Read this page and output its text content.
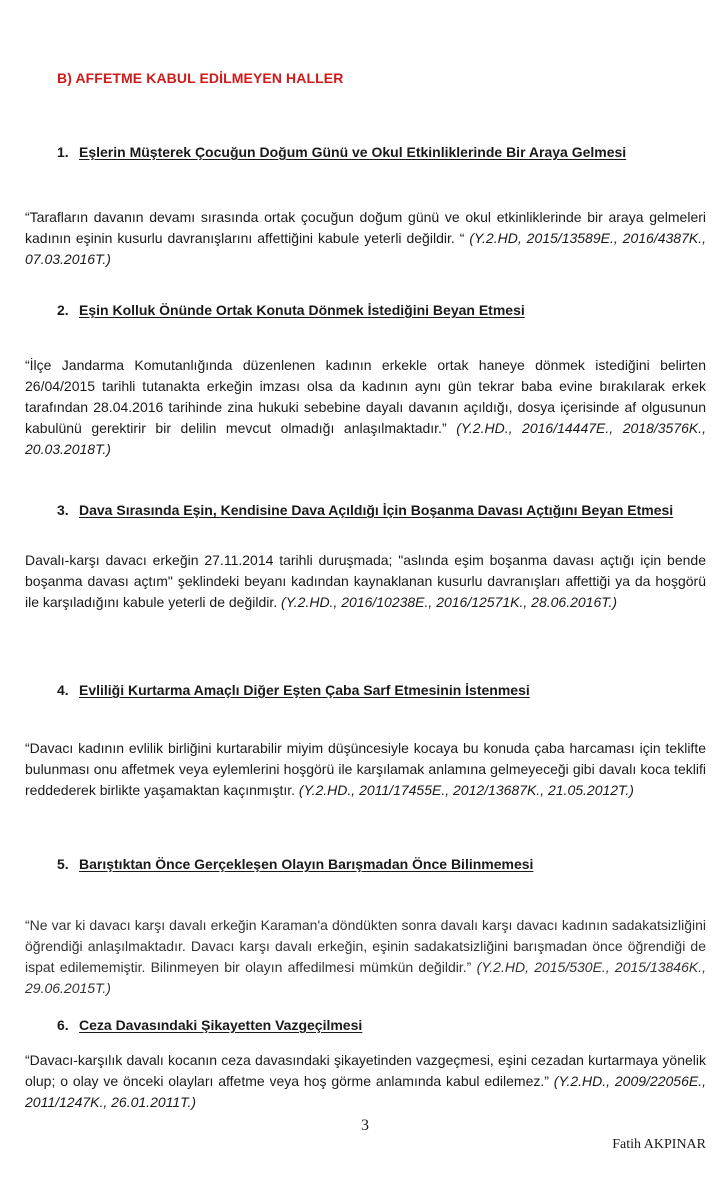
B) AFFETME KABUL EDİLMEYEN HALLER
1. Eşlerin Müşterek Çocuğun Doğum Günü ve Okul Etkinliklerinde Bir Araya Gelmesi
“Tarafların davanın devamı sırasında ortak çocuğun doğum günü ve okul etkinliklerinde bir araya gelmeleri kadının eşinin kusurlu davranışlarını affettiğini kabule yeterli değildir. “ (Y.2.HD, 2015/13589E., 2016/4387K., 07.03.2016T.)
2. Eşin Kolluk Önünde Ortak Konuta Dönmek İstediğini Beyan Etmesi
“İlçe Jandarma Komutanlığında düzenlenen kadının erkekle ortak haneye dönmek istediğini belirten 26/04/2015 tarihli tutanakta erkeğin imzası olsa da kadının aynı gün tekrar baba evine bırakılarak erkek tarafından 28.04.2016 tarihinde zina hukuki sebebine dayalı davanın açıldığı, dosya içerisinde af olgusunun kabulünü gerektirir bir delilin mevcut olmadığı anlaşılmaktadır.” (Y.2.HD., 2016/14447E., 2018/3576K., 20.03.2018T.)
3. Dava Sırasında Eşin, Kendisine Dava Açıldığı İçin Boşanma Davası Açtığını Beyan Etmesi
Davalı-karşı davacı erkeğin 27.11.2014 tarihli duruşmada; "aslında eşim boşanma davası açtığı için bende boşanma davası açtım" şeklindeki beyanı kadından kaynaklanan kusurlu davranışları affettiği ya da hoşgörü ile karşıladığını kabule yeterli de değildir. (Y.2.HD., 2016/10238E., 2016/12571K., 28.06.2016T.)
4. Evliliği Kurtarma Amaçlı Diğer Eşten Çaba Sarf Etmesinin İstenmesi
“Davacı kadının evlilik birliğini kurtarabilir miyim düşüncesiyle kocaya bu konuda çaba harcaması için teklifte bulunması onu affetmek veya eylemlerini hoşgörü ile karşılamak anlamına gelmeyeceği gibi davalı koca teklifi reddederek birlikte yaşamaktan kaçınmıştır. (Y.2.HD., 2011/17455E., 2012/13687K., 21.05.2012T.)
5. Barıştıktan Önce Gerçekleşen Olayın Barışmadan Önce Bilinmemesi
“Ne var ki davacı karşı davalı erkeğin Karaman'a döndükten sonra davalı karşı davacı kadının sadakatsizliğini öğrendiği anlaşılmaktadır. Davacı karşı davalı erkeğin, eşinin sadakatsizliğini barışmadan önce öğrendiği de ispat edilememiştir. Bilinmeyen bir olayın affedilmesi mümkün değildir.” (Y.2.HD, 2015/530E., 2015/13846K., 29.06.2015T.)
6. Ceza Davasındaki Şikayetten Vazgeçilmesi
“Davacı-karşılık davalı kocanın ceza davasındaki şikayetinden vazgeçmesi, eşini cezadan kurtarmaya yönelik olup; o olay ve önceki olayları affetme veya hoş görme anlamında kabul edilemez.” (Y.2.HD., 2009/22056E., 2011/1247K., 26.01.2011T.)
3
Fatih AKPINAR
